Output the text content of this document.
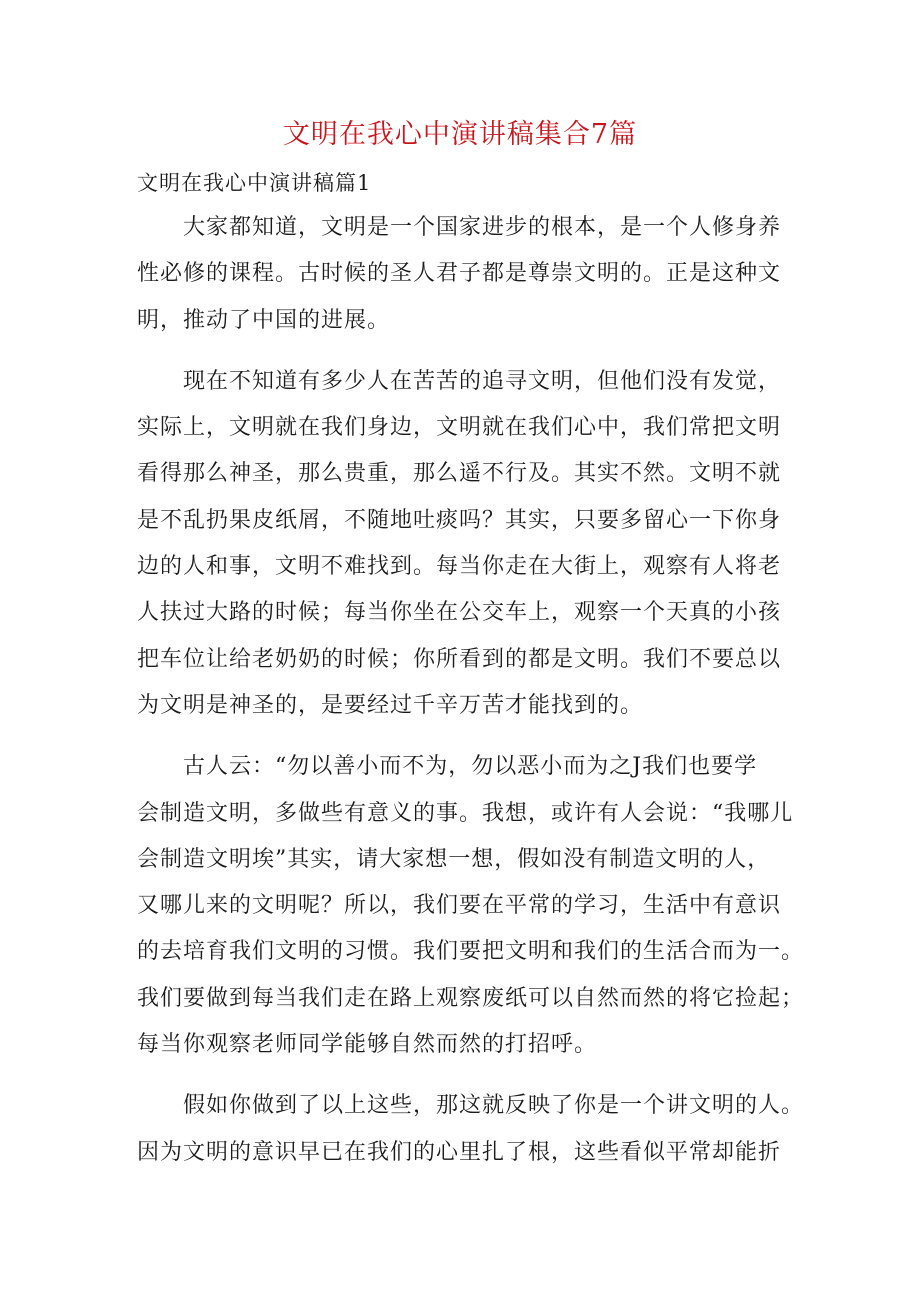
文明在我心中演讲稿集合7篇
文明在我心中演讲稿篇1

大家都知道，文明是一个国家进步的根本，是一个人修身养
性必修的课程。古时候的圣人君子都是尊崇文明的。正是这种文
明，推动了中国的进展。

现在不知道有多少人在苦苦的追寻文明，但他们没有发觉，
实际上，文明就在我们身边，文明就在我们心中，我们常把文明
看得那么神圣，那么贵重，那么遥不行及。其实不然。文明不就
是不乱扔果皮纸屑，不随地吐痰吗？其实，只要多留心一下你身
边的人和事，文明不难找到。每当你走在大街上，观察有人将老
人扶过大路的时候；每当你坐在公交车上，观察一个天真的小孩
把车位让给老奶奶的时候；你所看到的都是文明。我们不要总以
为文明是神圣的，是要经过千辛万苦才能找到的。

古人云：“勿以善小而不为，勿以恶小而为之J我们也要学
会制造文明，多做些有意义的事。我想，或许有人会说：“我哪儿
会制造文明埃”其实，请大家想一想，假如没有制造文明的人，
又哪儿来的文明呢？所以，我们要在平常的学习，生活中有意识
的去培育我们文明的习惯。我们要把文明和我们的生活合而为一。
我们要做到每当我们走在路上观察废纸可以自然而然的将它捡起；
每当你观察老师同学能够自然而然的打招呼。

假如你做到了以上这些，那这就反映了你是一个讲文明的人。
因为文明的意识早已在我们的心里扎了根，这些看似平常却能折
